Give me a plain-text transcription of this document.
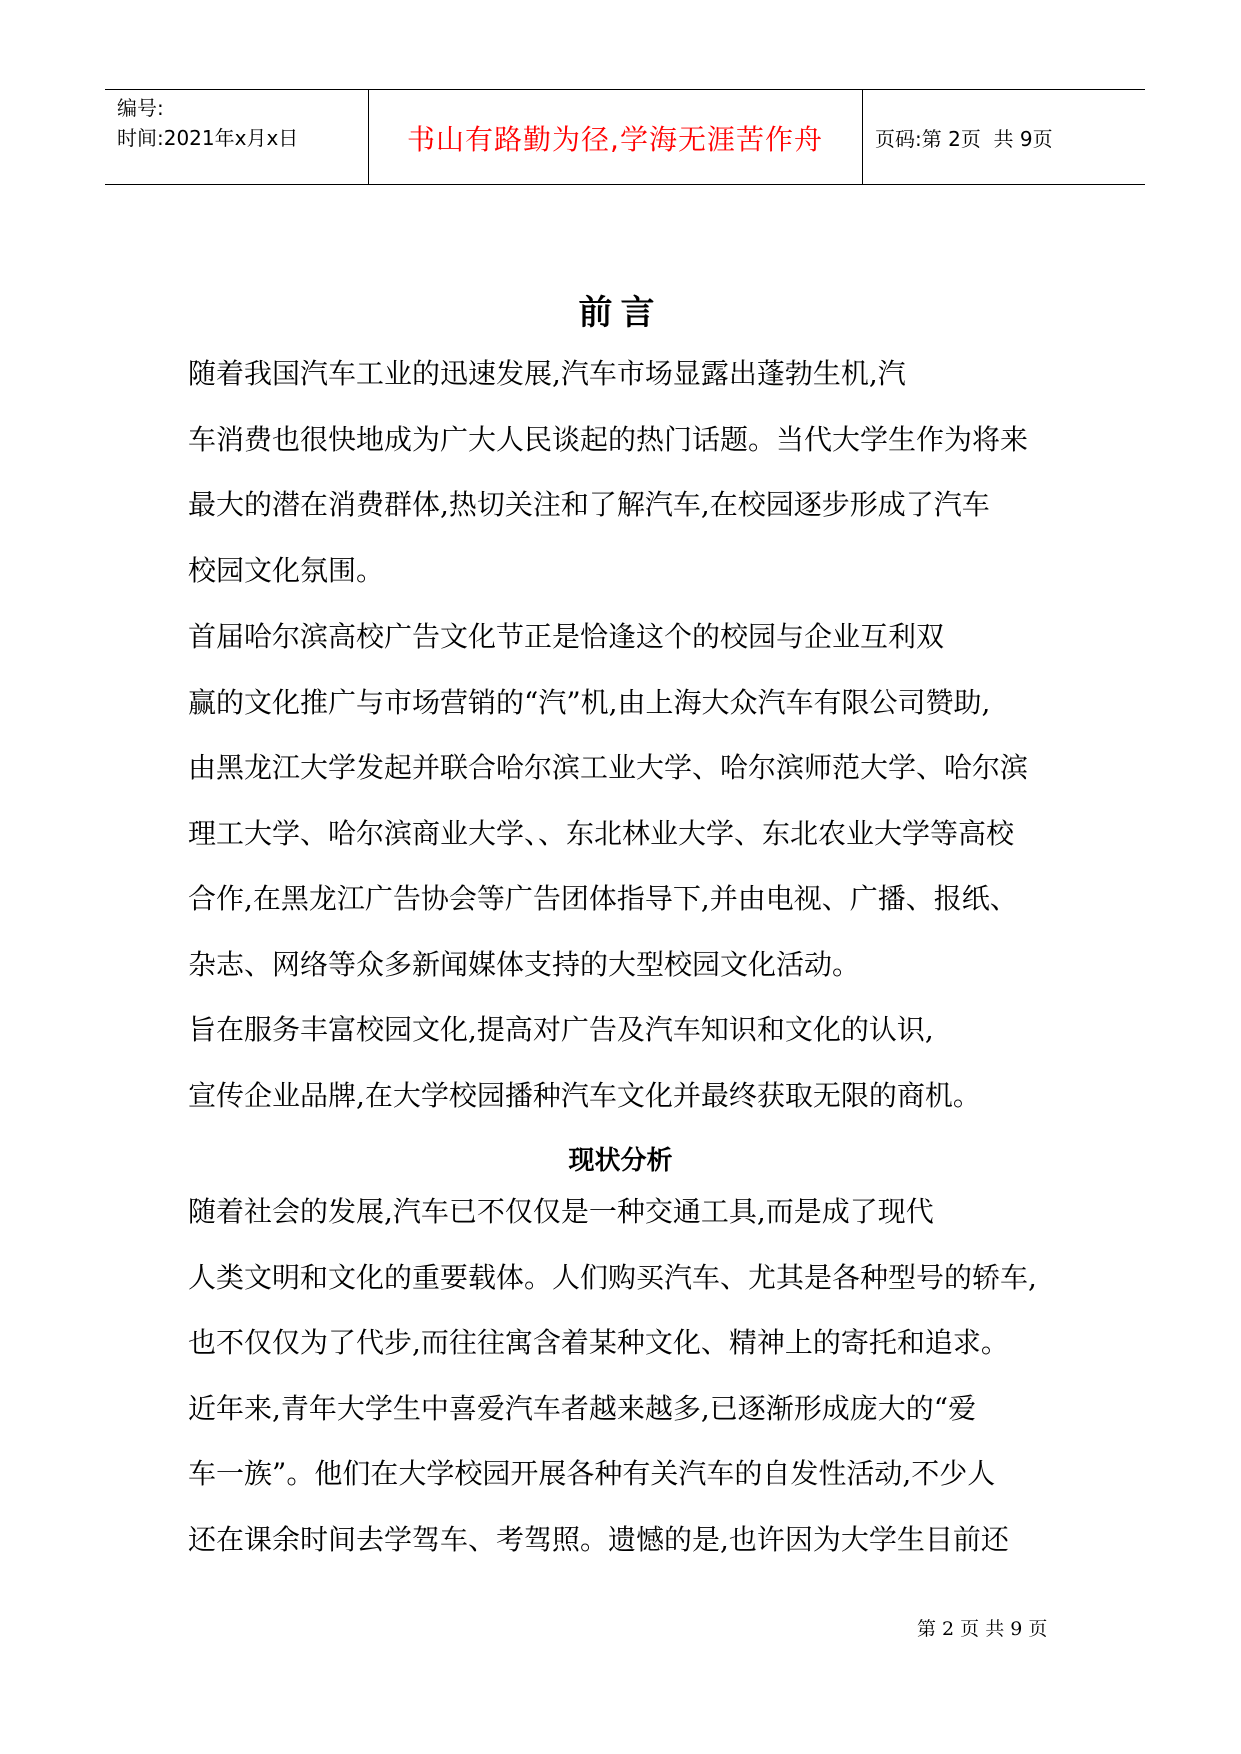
编号:
时间:2021年x月x日	书山有路勤为径,学海无涯苦作舟	页码:第 2页  共 9页
前言
随着我国汽车工业的迅速发展,汽车市场显露出蓬勃生机,汽
车消费也很快地成为广大人民谈起的热门话题。当代大学生作为将来
最大的潜在消费群体,热切关注和了解汽车,在校园逐步形成了汽车
校园文化氛围。
首届哈尔滨高校广告文化节正是恰逢这个的校园与企业互利双
赢的文化推广与市场营销的“汽”机,由上海大众汽车有限公司赞助,
由黑龙江大学发起并联合哈尔滨工业大学、哈尔滨师范大学、哈尔滨
理工大学、哈尔滨商业大学、、东北林业大学、东北农业大学等高校
合作,在黑龙江广告协会等广告团体指导下,并由电视、广播、报纸、
杂志、网络等众多新闻媒体支持的大型校园文化活动。
旨在服务丰富校园文化,提高对广告及汽车知识和文化的认识,
宣传企业品牌,在大学校园播种汽车文化并最终获取无限的商机。
现状分析
随着社会的发展,汽车已不仅仅是一种交通工具,而是成了现代
人类文明和文化的重要载体。人们购买汽车、尤其是各种型号的轿车,
也不仅仅为了代步,而往往寓含着某种文化、精神上的寄托和追求。
近年来,青年大学生中喜爱汽车者越来越多,已逐渐形成庞大的“爱
车一族”。他们在大学校园开展各种有关汽车的自发性活动,不少人
还在课余时间去学驾车、考驾照。遗憾的是,也许因为大学生目前还
第 2 页 共 9 页
